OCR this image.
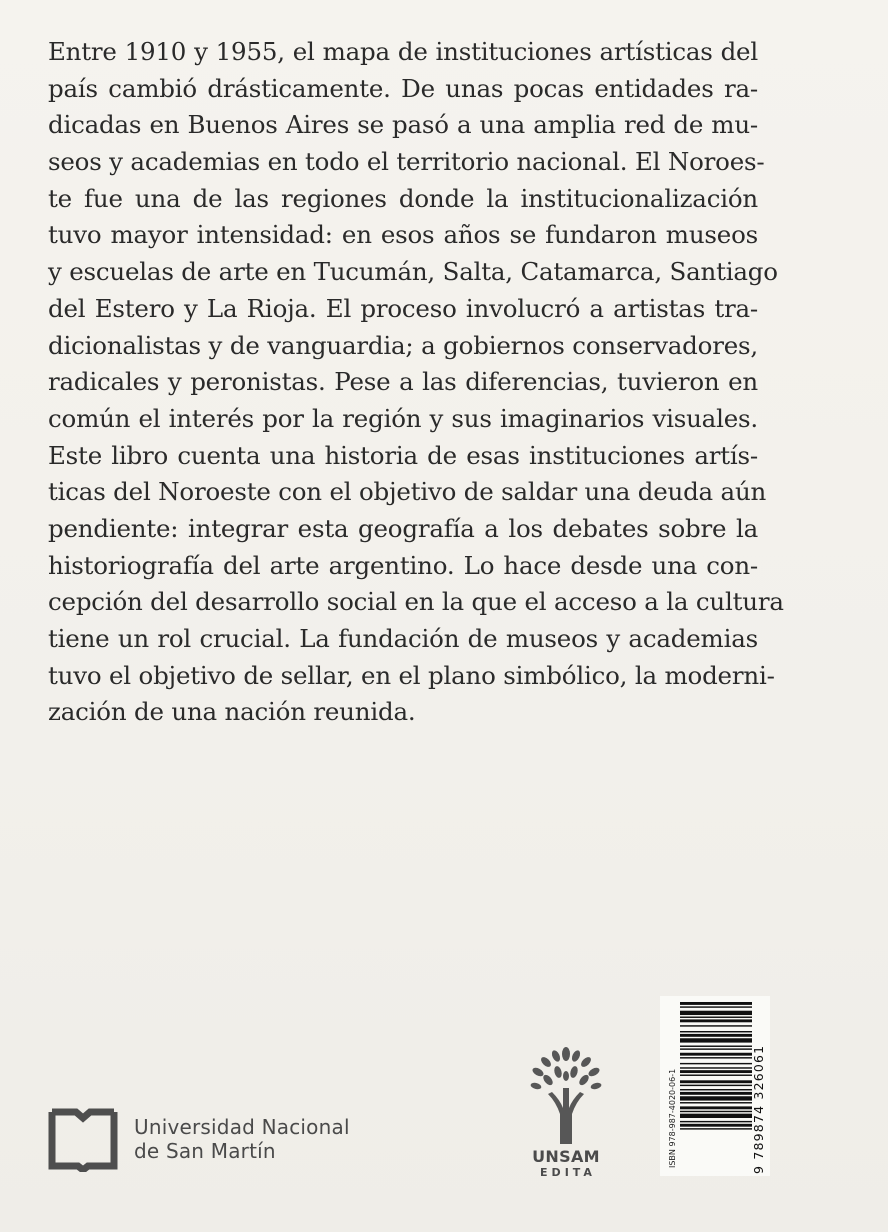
Entre 1910 y 1955, el mapa de instituciones artísticas del
país cambió drásticamente. De unas pocas entidades ra-
dicadas en Buenos Aires se pasó a una amplia red de mu-
seos y academias en todo el territorio nacional. El Noroes-
te fue una de las regiones donde la institucionalización
tuvo mayor intensidad: en esos años se fundaron museos
y escuelas de arte en Tucumán, Salta, Catamarca, Santiago
del Estero y La Rioja. El proceso involucró a artistas tra-
dicionalistas y de vanguardia; a gobiernos conservadores,
radicales y peronistas. Pese a las diferencias, tuvieron en
común el interés por la región y sus imaginarios visuales.
Este libro cuenta una historia de esas instituciones artís-
ticas del Noroeste con el objetivo de saldar una deuda aún
pendiente: integrar esta geografía a los debates sobre la
historiografía del arte argentino. Lo hace desde una con-
cepción del desarrollo social en la que el acceso a la cultura
tiene un rol crucial. La fundación de museos y academias
tuvo el objetivo de sellar, en el plano simbólico, la moderni-
zación de una nación reunida.
Universidad Nacional
de San Martín	UNSAM
EDITA
ISBN 978-987-4020-06-1	9 789874 326061
